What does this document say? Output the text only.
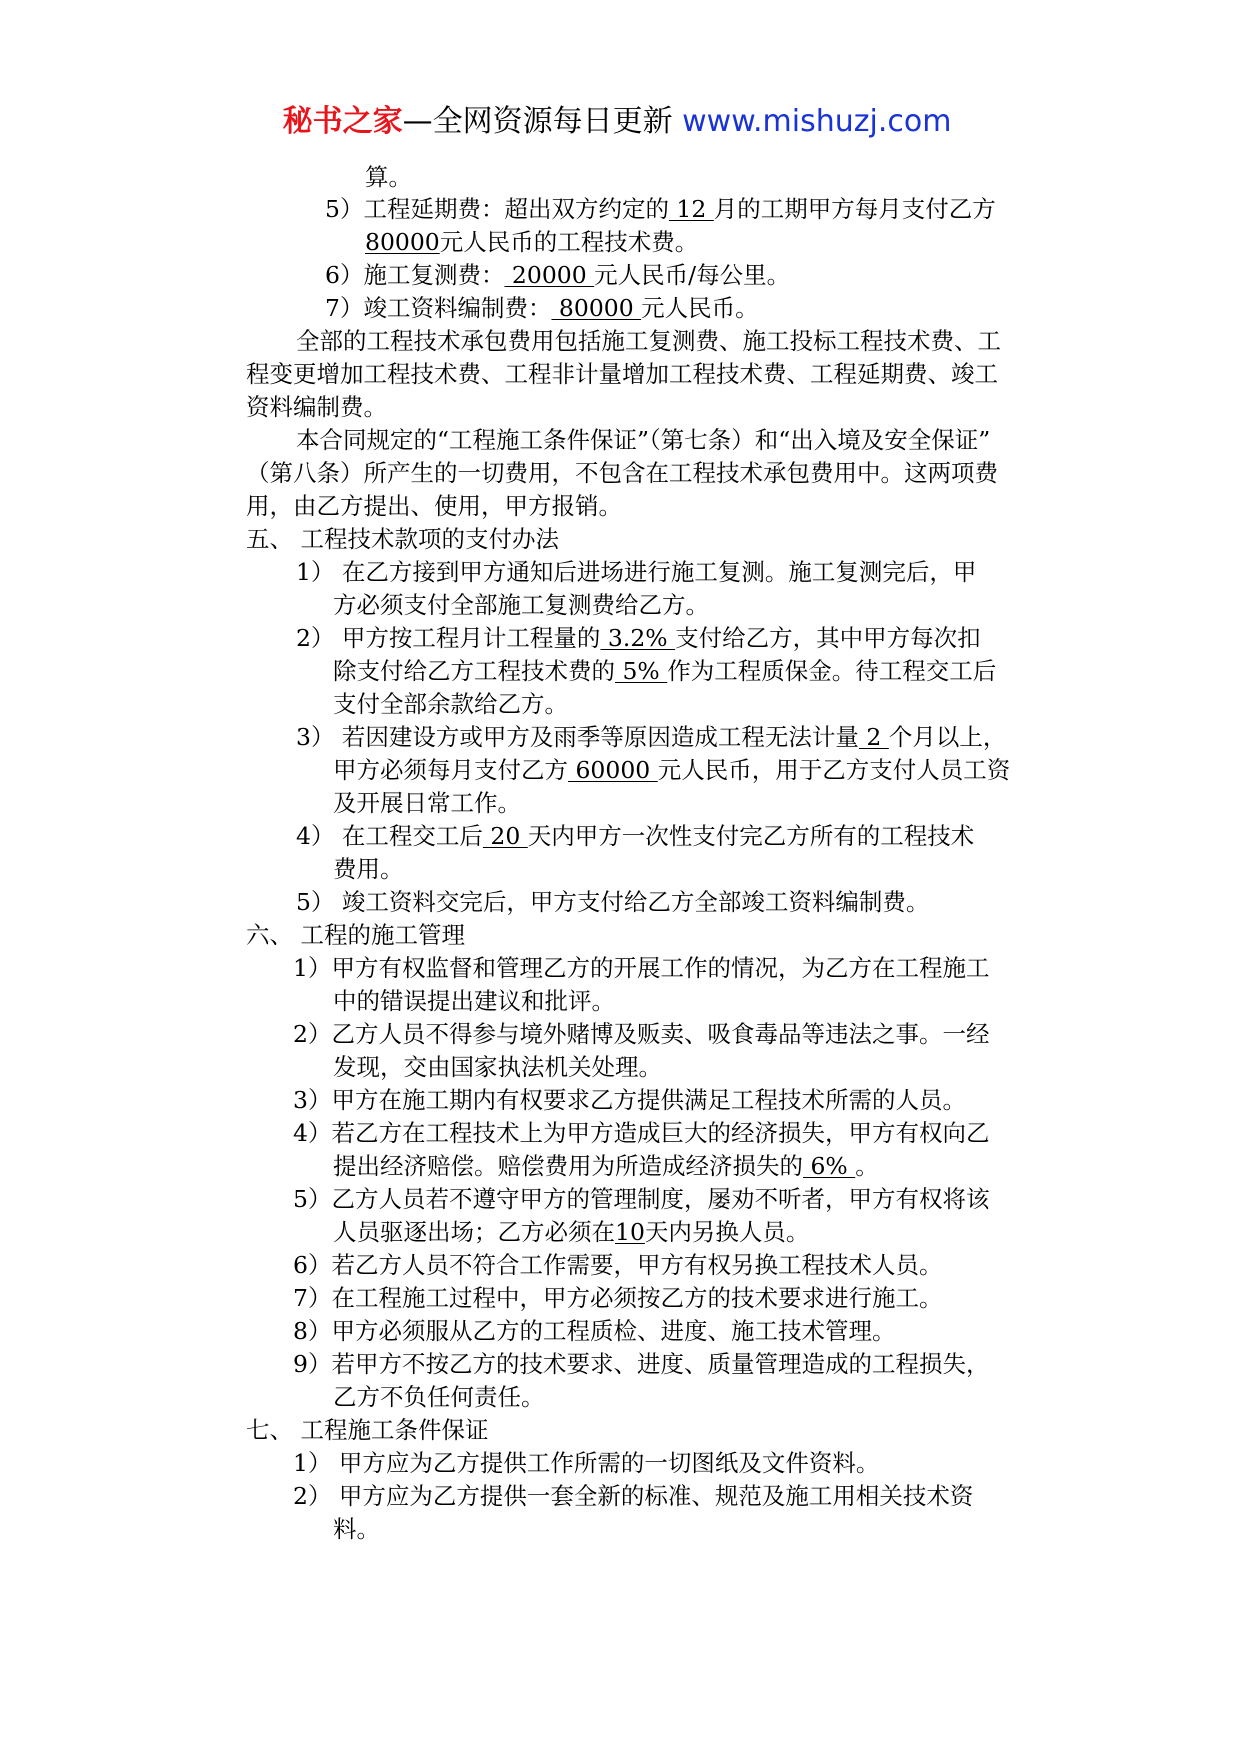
秘书之家—全网资源每日更新 www.mishuzj.com
算。
5）工程延期费：超出双方约定的 12 月的工期甲方每月支付乙方
80000元人民币的工程技术费。
6）施工复测费： 20000 元人民币/每公里。
7）竣工资料编制费： 80000 元人民币。
全部的工程技术承包费用包括施工复测费、施工投标工程技术费、工
程变更增加工程技术费、工程非计量增加工程技术费、工程延期费、竣工
资料编制费。
本合同规定的“工程施工条件保证”（第七条）和“出入境及安全保证”
（第八条）所产生的一切费用，不包含在工程技术承包费用中。这两项费
用，由乙方提出、使用，甲方报销。
五、 工程技术款项的支付办法
1） 在乙方接到甲方通知后进场进行施工复测。施工复测完后，甲
方必须支付全部施工复测费给乙方。
2） 甲方按工程月计工程量的 3.2% 支付给乙方，其中甲方每次扣
除支付给乙方工程技术费的 5% 作为工程质保金。待工程交工后
支付全部余款给乙方。
3） 若因建设方或甲方及雨季等原因造成工程无法计量 2 个月以上，
甲方必须每月支付乙方 60000 元人民币，用于乙方支付人员工资
及开展日常工作。
4） 在工程交工后 20 天内甲方一次性支付完乙方所有的工程技术
费用。
5） 竣工资料交完后，甲方支付给乙方全部竣工资料编制费。
六、 工程的施工管理
1）甲方有权监督和管理乙方的开展工作的情况，为乙方在工程施工
中的错误提出建议和批评。
2）乙方人员不得参与境外赌博及贩卖、吸食毒品等违法之事。一经
发现，交由国家执法机关处理。
3）甲方在施工期内有权要求乙方提供满足工程技术所需的人员。
4）若乙方在工程技术上为甲方造成巨大的经济损失，甲方有权向乙
提出经济赔偿。赔偿费用为所造成经济损失的 6% 。
5）乙方人员若不遵守甲方的管理制度，屡劝不听者，甲方有权将该
人员驱逐出场；乙方必须在10天内另换人员。
6）若乙方人员不符合工作需要，甲方有权另换工程技术人员。
7）在工程施工过程中，甲方必须按乙方的技术要求进行施工。
8）甲方必须服从乙方的工程质检、进度、施工技术管理。
9）若甲方不按乙方的技术要求、进度、质量管理造成的工程损失，
乙方不负任何责任。
七、 工程施工条件保证
1） 甲方应为乙方提供工作所需的一切图纸及文件资料。
2） 甲方应为乙方提供一套全新的标准、规范及施工用相关技术资
料。
